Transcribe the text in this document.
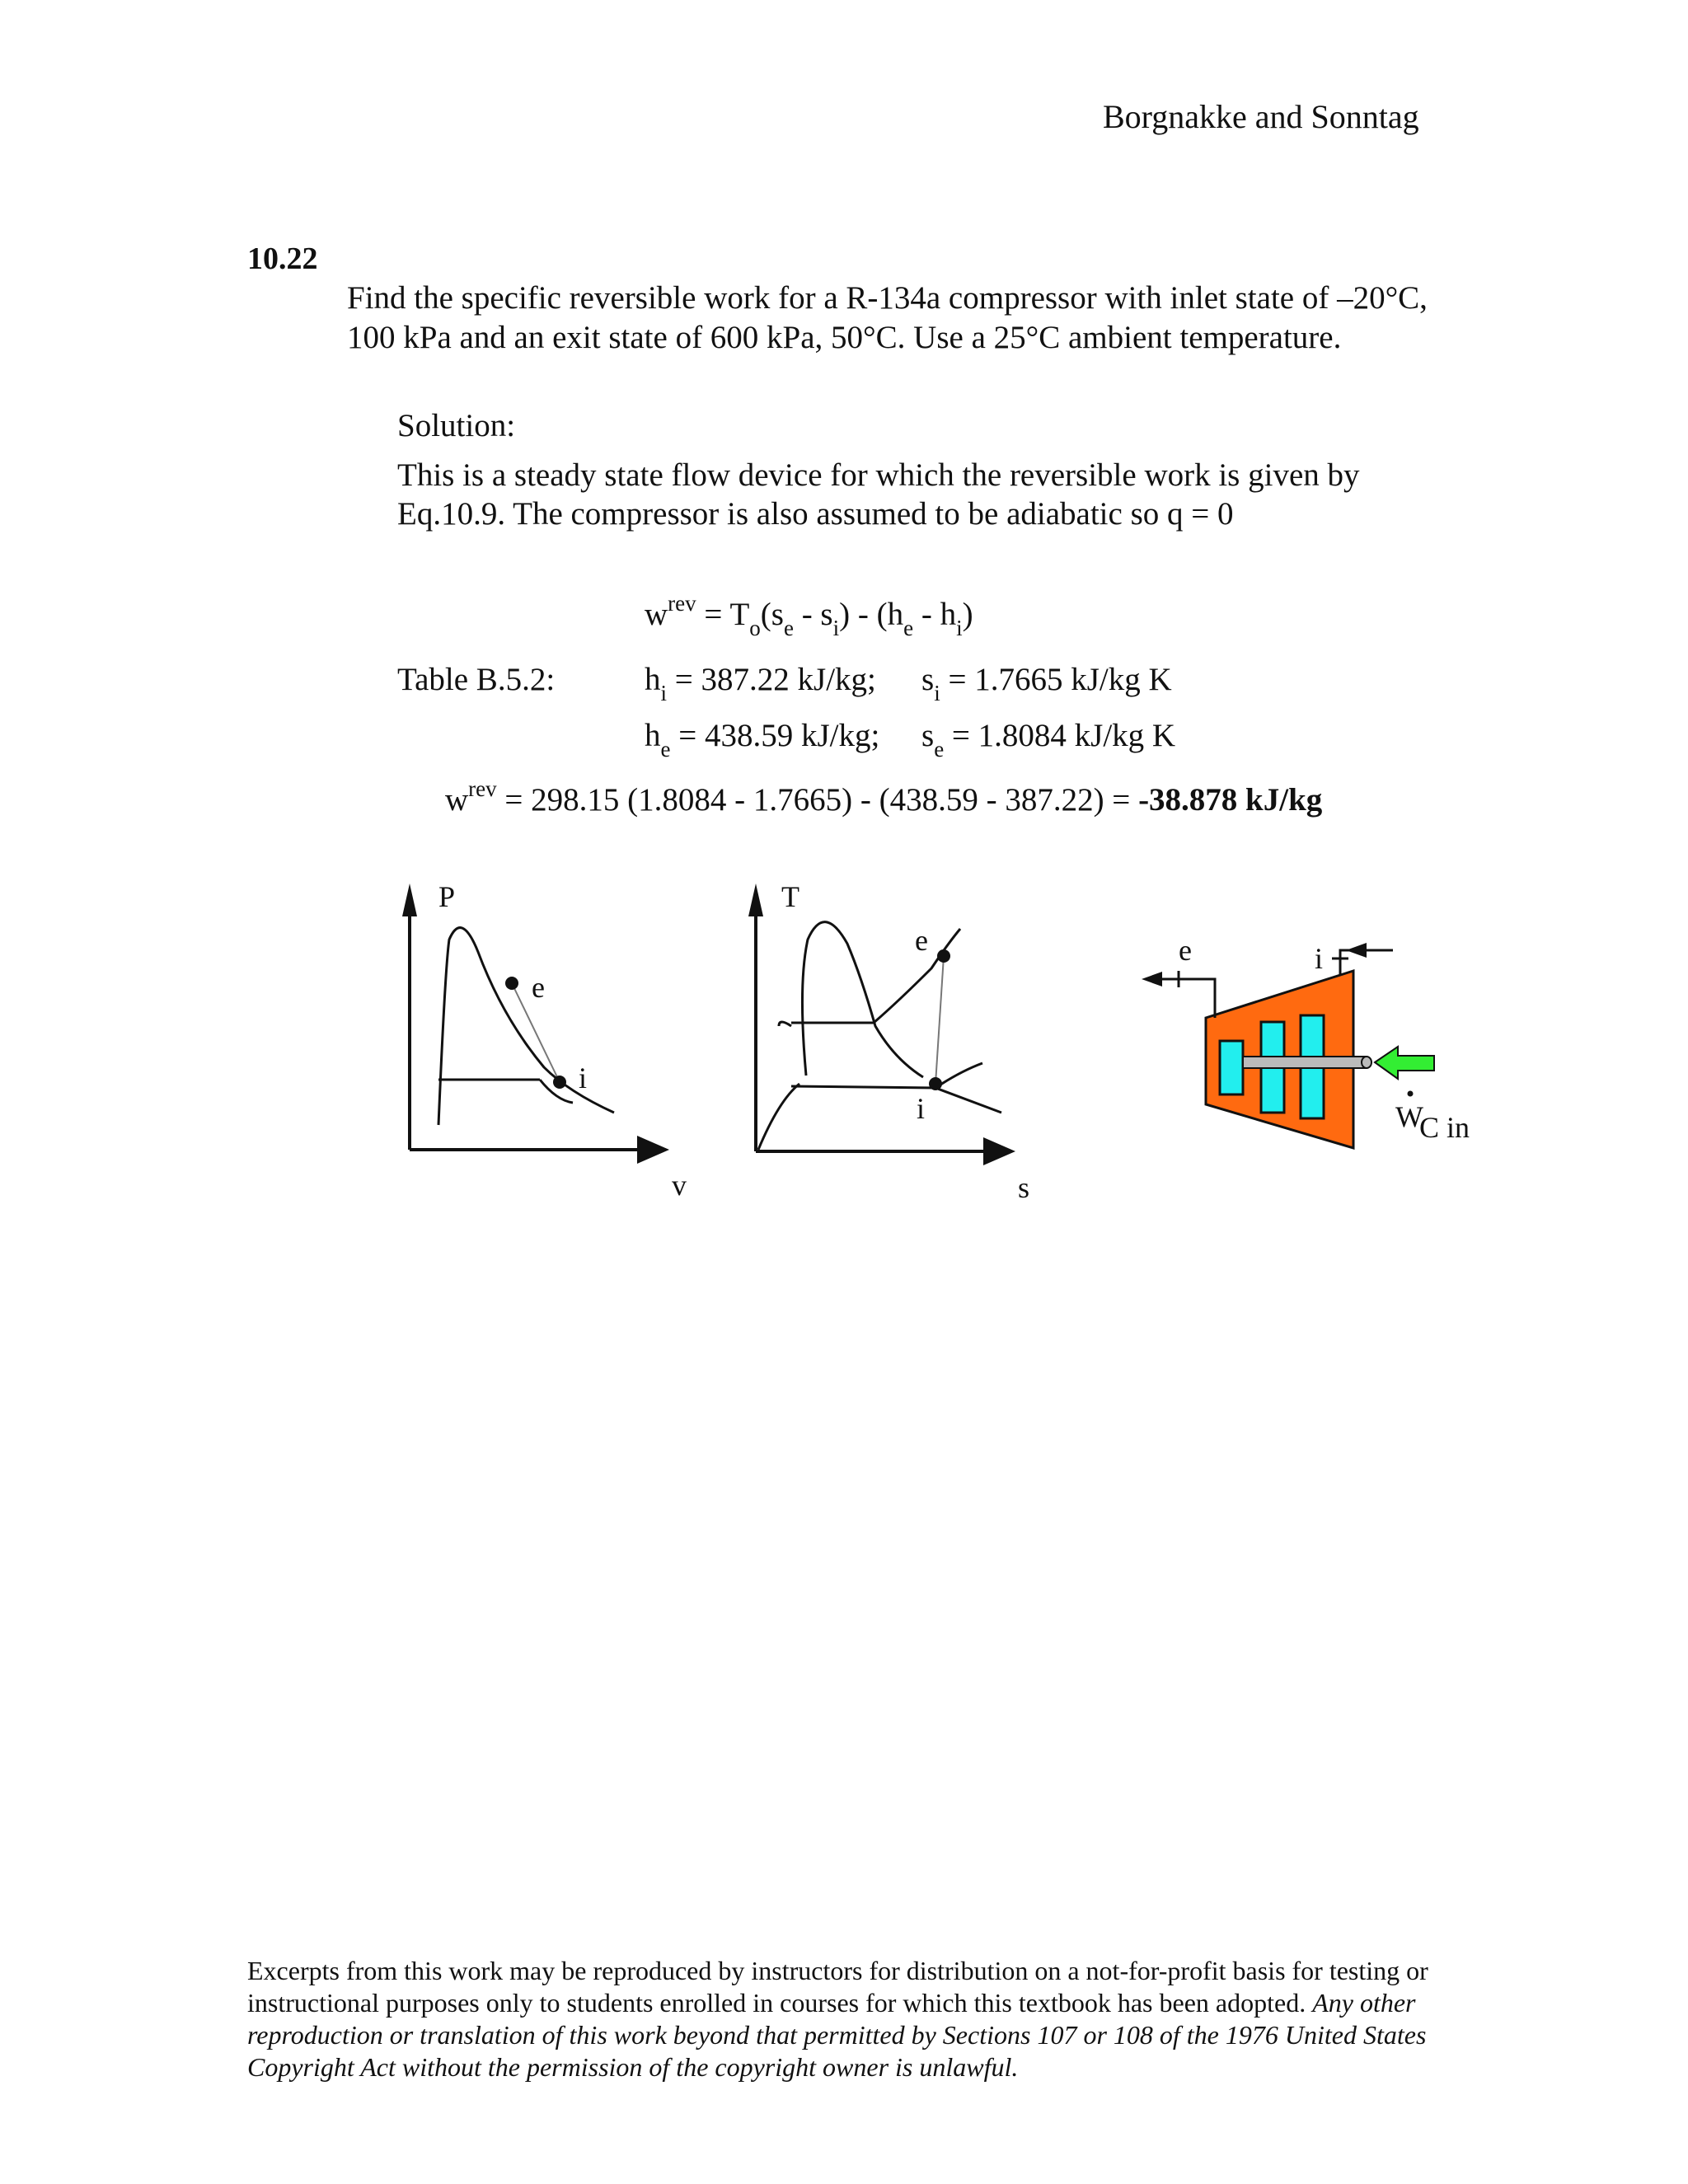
Borgnakke and Sonntag
10.22
Find the specific reversible work for a R-134a compressor with inlet state of –20°C, 100 kPa and an exit state of 600 kPa, 50°C. Use a 25°C ambient temperature.
Solution:
This is a steady state flow device for which the reversible work is given by Eq.10.9. The compressor is also assumed to be adiabatic so q = 0
$w^{rev} = T_o(s_e - s_i) - (h_e - h_i)$
Table B.5.2:	$h_i = 387.22$ kJ/kg; $s_i = 1.7665$ kJ/kg K
$h_e = 438.59$ kJ/kg; $s_e = 1.8084$ kJ/kg K
$w^{rev} = 298.15$ (1.8084 - 1.7665) - (438.59 - 387.22) = -38.878 kJ/kg
P
e
i
v
T
e
i
s
e	i
W
C in
Excerpts from this work may be reproduced by instructors for distribution on a not-for-profit basis for testing or instructional purposes only to students enrolled in courses for which this textbook has been adopted. Any other reproduction or translation of this work beyond that permitted by Sections 107 or 108 of the 1976 United States Copyright Act without the permission of the copyright owner is unlawful.
